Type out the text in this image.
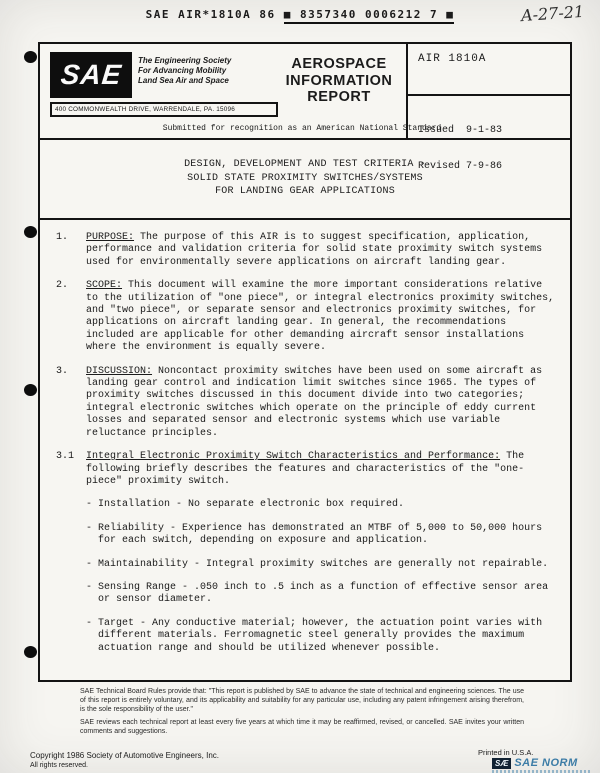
SAE AIR*1810A 86 ■ 8357340 0006212 7 ■	A-27-21
SAE The Engineering Society
For Advancing Mobility
Land Sea Air and Space
400 COMMONWEALTH DRIVE, WARRENDALE, PA. 15096
AEROSPACE
INFORMATION
REPORT
AIR 1810A

Issued  9-1-83

Revised 7-9-86

Submitted for recognition as an American National Standard
DESIGN, DEVELOPMENT AND TEST CRITERIA -
SOLID STATE PROXIMITY SWITCHES/SYSTEMS
FOR LANDING GEAR APPLICATIONS
1. PURPOSE: The purpose of this AIR is to suggest specification, application, performance and validation criteria for solid state proximity switch systems used for environmentally severe applications on aircraft landing gear.
2. SCOPE: This document will examine the more important considerations relative to the utilization of "one piece", or integral electronics proximity switches, and "two piece", or separate sensor and electronics proximity switches, for applications on aircraft landing gear. In general, the recommendations included are applicable for other demanding aircraft sensor installations where the environment is equally severe.
3. DISCUSSION: Noncontact proximity switches have been used on some aircraft as landing gear control and indication limit switches since 1965. The types of proximity switches discussed in this document divide into two categories; integral electronic switches which operate on the principle of eddy current losses and separated sensor and electronic systems which use variable reluctance principles.
3.1 Integral Electronic Proximity Switch Characteristics and Performance: The following briefly describes the features and characteristics of the "one-piece" proximity switch.

- Installation - No separate electronic box required.

- Reliability - Experience has demonstrated an MTBF of 5,000 to 50,000 hours for each switch, depending on exposure and application.

- Maintainability - Integral proximity switches are generally not repairable.

- Sensing Range - .050 inch to .5 inch as a function of effective sensor area or sensor diameter.

- Target - Any conductive material; however, the actuation point varies with different materials. Ferromagnetic steel generally provides the maximum actuation range and should be utilized whenever possible.

SAE Technical Board Rules provide that: "This report is published by SAE to advance the state of technical and engineering sciences. The use of this report is entirely voluntary, and its applicability and suitability for any particular use, including any patent infringement arising therefrom, is the sole responsibility of the user."

SAE reviews each technical report at least every five years at which time it may be reaffirmed, revised, or cancelled. SAE invites your written comments and suggestions.

Copyright 1986 Society of Automotive Engineers, Inc.
All rights reserved.
Printed in U.S.A.
SÆ SAE NORM
